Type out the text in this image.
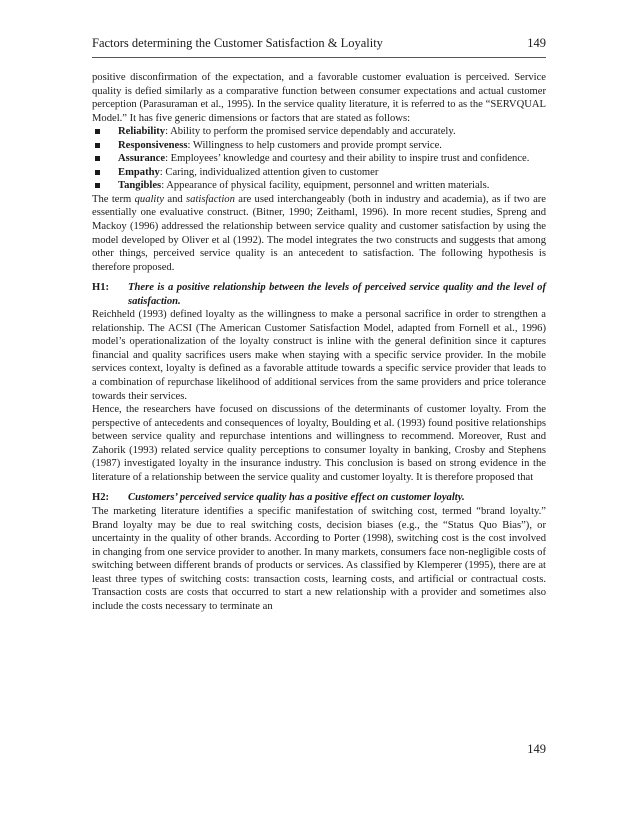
Factors determining the Customer Satisfaction & Loyality	149

positive disconfirmation of the expectation, and a favorable customer evaluation is perceived. Service quality is defied similarly as a comparative function between consumer expectations and actual customer perception (Parasuraman et al., 1995). In the service quality literature, it is referred to as the “SERVQUAL Model.” It has five generic dimensions or factors that are stated as follows:

Reliability: Ability to perform the promised service dependably and accurately.
Responsiveness: Willingness to help customers and provide prompt service.
Assurance: Employees’ knowledge and courtesy and their ability to inspire trust and confidence.
Empathy: Caring, individualized attention given to customer
Tangibles: Appearance of physical facility, equipment, personnel and written materials.

The term quality and satisfaction are used interchangeably (both in industry and academia), as if two are essentially one evaluative construct. (Bitner, 1990; Zeithaml, 1996). In more recent studies, Spreng and Mackoy (1996) addressed the relationship between service quality and customer satisfaction by using the model developed by Oliver et al (1992). The model integrates the two constructs and suggests that among other things, perceived service quality is an antecedent to satisfaction. The following hypothesis is therefore proposed.

H1:	There is a positive relationship between the levels of perceived service quality and the level of satisfaction.

Reichheld (1993) defined loyalty as the willingness to make a personal sacrifice in order to strengthen a relationship. The ACSI (The American Customer Satisfaction Model, adapted from Fornell et al., 1996) model’s operationalization of the loyalty construct is inline with the general definition since it captures financial and quality sacrifices users make when staying with a specific service provider. In the mobile services context, loyalty is defined as a favorable attitude towards a specific service provider that leads to a combination of repurchase likelihood of additional services from the same providers and price tolerance towards their services.

Hence, the researchers have focused on discussions of the determinants of customer loyalty. From the perspective of antecedents and consequences of loyalty, Boulding et al. (1993) found positive relationships between service quality and repurchase intentions and willingness to recommend. Moreover, Rust and Zahorik (1993) related service quality perceptions to consumer loyalty in banking, Crosby and Stephens (1987) investigated loyalty in the insurance industry. This conclusion is based on strong evidence in the literature of a relationship between the service quality and customer loyalty. It is therefore proposed that

H2:	Customers’ perceived service quality has a positive effect on customer loyalty.

The marketing literature identifies a specific manifestation of switching cost, termed “brand loyalty.” Brand loyalty may be due to real switching costs, decision biases (e.g., the “Status Quo Bias”), or uncertainty in the quality of other brands. According to Porter (1998), switching cost is the cost involved in changing from one service provider to another. In many markets, consumers face non-negligible costs of switching between different brands of products or services. As classified by Klemperer (1995), there are at least three types of switching costs: transaction costs, learning costs, and artificial or contractual costs. Transaction costs are costs that occurred to start a new relationship with a provider and sometimes also include the costs necessary to terminate an

149
